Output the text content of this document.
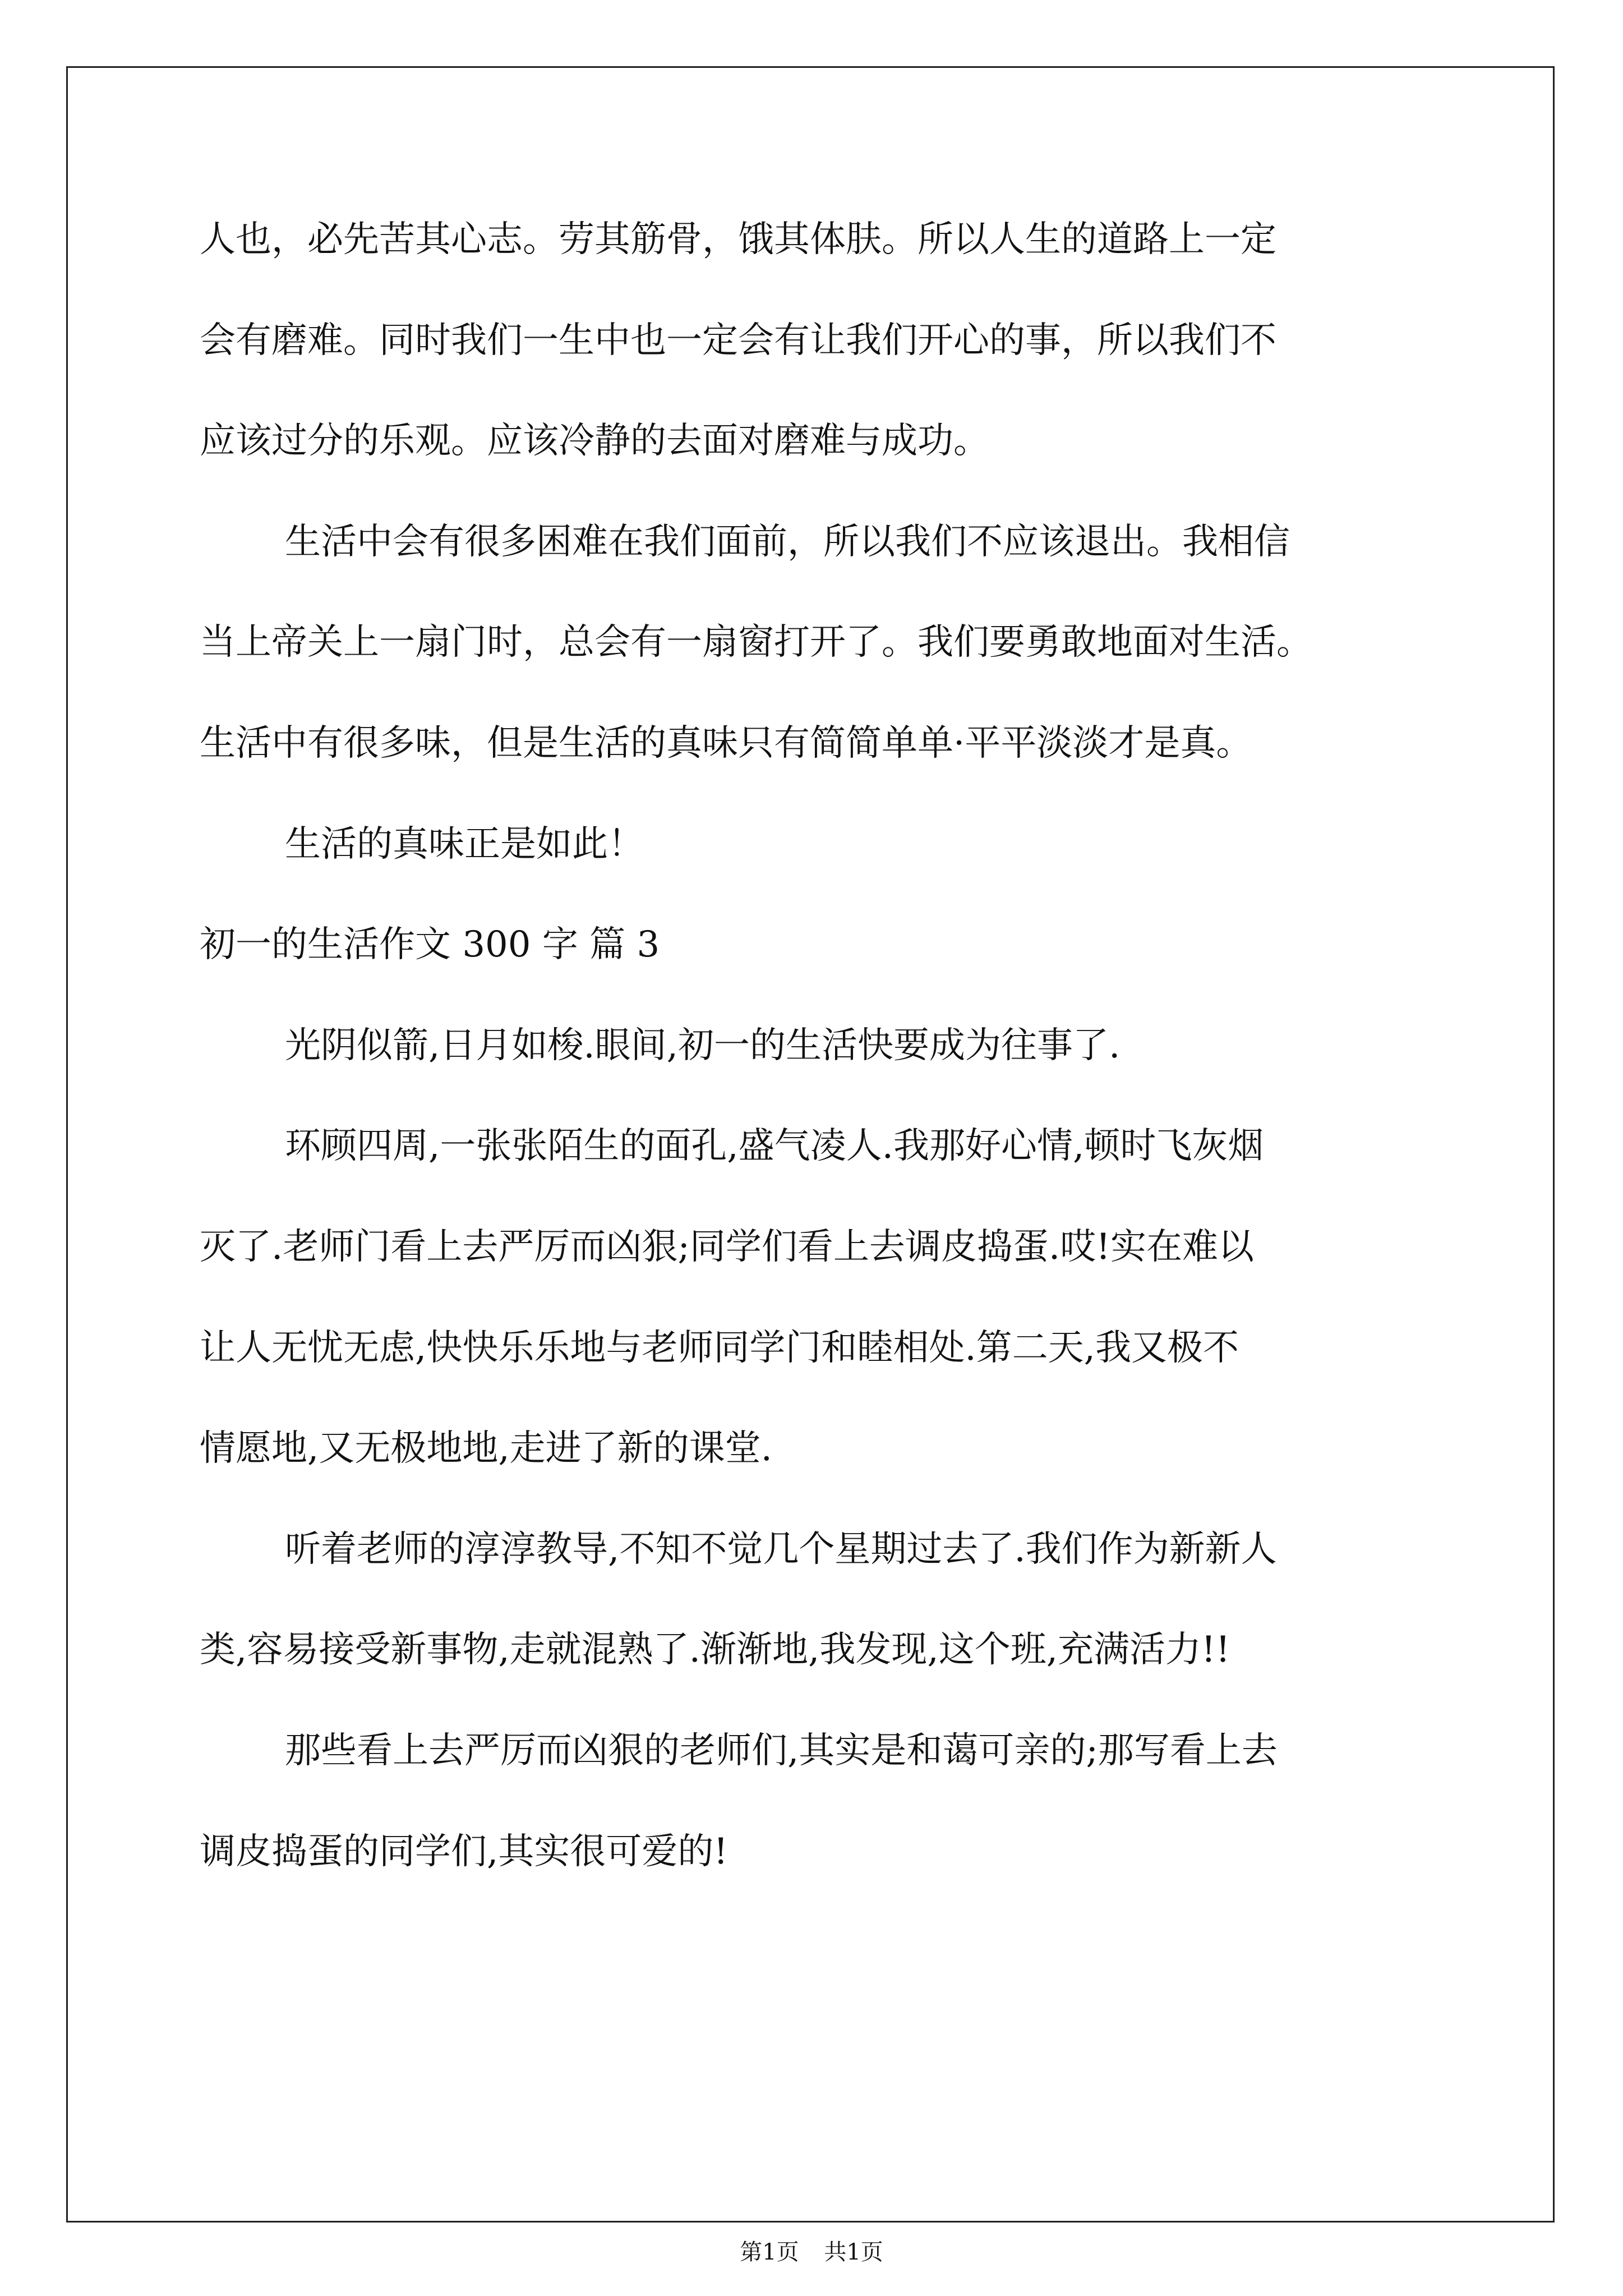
人也，必先苦其心志。劳其筋骨，饿其体肤。所以人生的道路上一定
会有磨难。同时我们一生中也一定会有让我们开心的事，所以我们不
应该过分的乐观。应该冷静的去面对磨难与成功。
生活中会有很多困难在我们面前，所以我们不应该退出。我相信
当上帝关上一扇门时，总会有一扇窗打开了。我们要勇敢地面对生活。
生活中有很多味，但是生活的真味只有简简单单·平平淡淡才是真。
生活的真味正是如此！
初一的生活作文 300 字 篇 3
光阴似箭,日月如梭.眼间,初一的生活快要成为往事了.
环顾四周,一张张陌生的面孔,盛气凌人.我那好心情,顿时飞灰烟
灭了.老师门看上去严厉而凶狠;同学们看上去调皮捣蛋.哎!实在难以
让人无忧无虑,快快乐乐地与老师同学门和睦相处.第二天,我又极不
情愿地,又无极地地,走进了新的课堂.
听着老师的淳淳教导,不知不觉几个星期过去了.我们作为新新人
类,容易接受新事物,走就混熟了.渐渐地,我发现,这个班,充满活力!!
那些看上去严厉而凶狠的老师们,其实是和蔼可亲的;那写看上去
调皮捣蛋的同学们,其实很可爱的!
第1页 共1页
